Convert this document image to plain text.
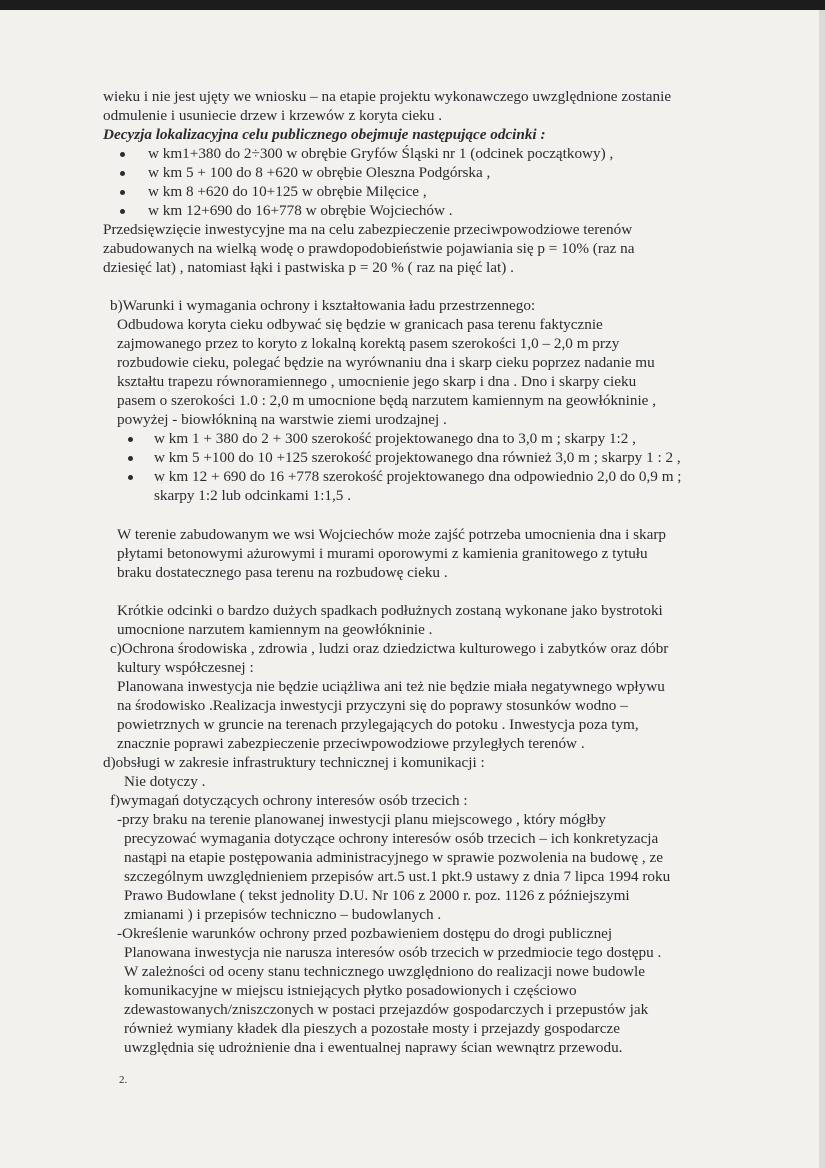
wieku i nie jest ujęty we wniosku – na etapie projektu wykonawczego uwzględnione zostanie
odmulenie i usuniecie drzew i krzewów z koryta cieku .
Decyzja lokalizacyjna celu publicznego obejmuje następujące odcinki :
w km1+380 do 2÷300 w obrębie Gryfów Śląski nr 1 (odcinek początkowy) ,
w km 5 + 100 do 8 +620 w obrębie Oleszna Podgórska ,
w km 8 +620 do 10+125 w obrębie Milęcice ,
w km 12+690 do 16+778 w obrębie Wojciechów .
Przedsięwzięcie inwestycyjne ma na celu zabezpieczenie przeciwpowodziowe terenów
zabudowanych na wielką wodę o prawdopodobieństwie pojawiania się p = 10% (raz na
dziesięć lat) , natomiast łąki i pastwiska p = 20 % ( raz na pięć lat) .
b)Warunki i wymagania ochrony i kształtowania ładu przestrzennego:
Odbudowa koryta cieku odbywać się będzie w granicach pasa terenu faktycznie
zajmowanego przez to koryto z lokalną korektą pasem szerokości 1,0 – 2,0 m przy
rozbudowie cieku, polegać będzie na wyrównaniu dna i skarp cieku poprzez nadanie mu
kształtu trapezu równoramiennego , umocnienie jego skarp i dna . Dno i skarpy cieku
pasem o szerokości 1.0 : 2,0 m umocnione będą narzutem kamiennym na geowłókninie ,
powyżej - biowłókniną na warstwie ziemi urodzajnej .
w km 1 + 380 do 2 + 300 szerokość projektowanego dna to 3,0 m ; skarpy 1:2 ,
w km 5 +100 do 10 +125 szerokość projektowanego dna również 3,0 m ; skarpy 1 : 2 ,
w km 12 + 690 do 16 +778 szerokość projektowanego dna odpowiednio 2,0 do 0,9 m ;
skarpy 1:2 lub odcinkami 1:1,5 .
W terenie zabudowanym we wsi Wojciechów może zajść potrzeba umocnienia dna i skarp
płytami betonowymi ażurowymi i murami oporowymi z kamienia granitowego z tytułu
braku dostatecznego pasa terenu na rozbudowę cieku .
Krótkie odcinki o bardzo dużych spadkach podłużnych zostaną wykonane jako bystrotoki
umocnione narzutem kamiennym na geowłókninie .
c)Ochrona środowiska , zdrowia , ludzi oraz dziedzictwa kulturowego i zabytków oraz dóbr
kultury współczesnej :
Planowana inwestycja nie będzie uciążliwa ani też nie będzie miała negatywnego wpływu
na środowisko .Realizacja inwestycji przyczyni się do poprawy stosunków wodno –
powietrznych w gruncie na terenach przylegających do potoku . Inwestycja poza tym,
znacznie poprawi zabezpieczenie przeciwpowodziowe przyległych terenów .
d)obsługi w zakresie infrastruktury technicznej i komunikacji :
Nie dotyczy .
f)wymagań dotyczących ochrony interesów osób trzecich :
-przy braku na terenie planowanej inwestycji planu miejscowego , który mógłby
precyzować wymagania dotyczące ochrony interesów osób trzecich – ich konkretyzacja
nastąpi na etapie postępowania administracyjnego w sprawie pozwolenia na budowę , ze
szczególnym uwzględnieniem przepisów art.5 ust.1 pkt.9 ustawy z dnia 7 lipca 1994 roku
Prawo Budowlane ( tekst jednolity D.U. Nr 106 z 2000 r. poz. 1126 z późniejszymi
zmianami ) i przepisów techniczno – budowlanych .
-Określenie warunków ochrony przed pozbawieniem dostępu do drogi publicznej
Planowana inwestycja nie narusza interesów osób trzecich w przedmiocie tego dostępu .
W zależności od oceny stanu technicznego uwzględniono do realizacji nowe budowle
komunikacyjne w miejscu istniejących płytko posadowionych i częściowo
zdewastowanych/zniszczonych w postaci przejazdów gospodarczych i przepustów jak
również wymiany kładek dla pieszych a pozostałe mosty i przejazdy gospodarcze
uwzględnia się udrożnienie dna i ewentualnej naprawy ścian wewnątrz przewodu.
2.
